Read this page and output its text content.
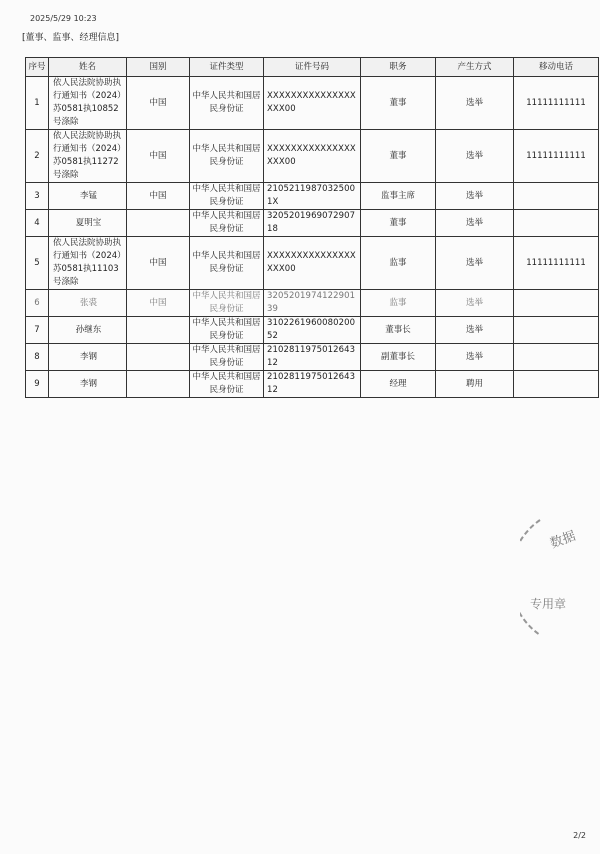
2025/5/29 10:23
[董事、监事、经理信息]
序号	姓名	国别	证件类型	证件号码	职务	产生方式	移动电话
1	依人民法院协助执行通知书（2024）苏0581执10852号涤除	中国	中华人民共和国居民身份证	XXXXXXXXXXXXXXXXXX00	董事	选举	11111111111
2	依人民法院协助执行通知书（2024）苏0581执11272号涤除	中国	中华人民共和国居民身份证	XXXXXXXXXXXXXXXXXX00	董事	选举	11111111111
3	李锰	中国	中华人民共和国居民身份证	21052119870325001X	监事主席	选举	
4	夏明宝		中华人民共和国居民身份证	320520196907290718	董事	选举	
5	依人民法院协助执行通知书（2024）苏0581执11103号涤除	中国	中华人民共和国居民身份证	XXXXXXXXXXXXXXXXXX00	监事	选举	11111111111
6	张裘	中国	中华人民共和国居民身份证	320520197412290139	监事	选举	
7	孙继东		中华人民共和国居民身份证	310226196008020052	董事长	选举	
8	李钢		中华人民共和国居民身份证	210281197501264312	副董事长	选举	
9	李钢		中华人民共和国居民身份证	210281197501264312	经理	聘用	
数据
专用章
2/2
